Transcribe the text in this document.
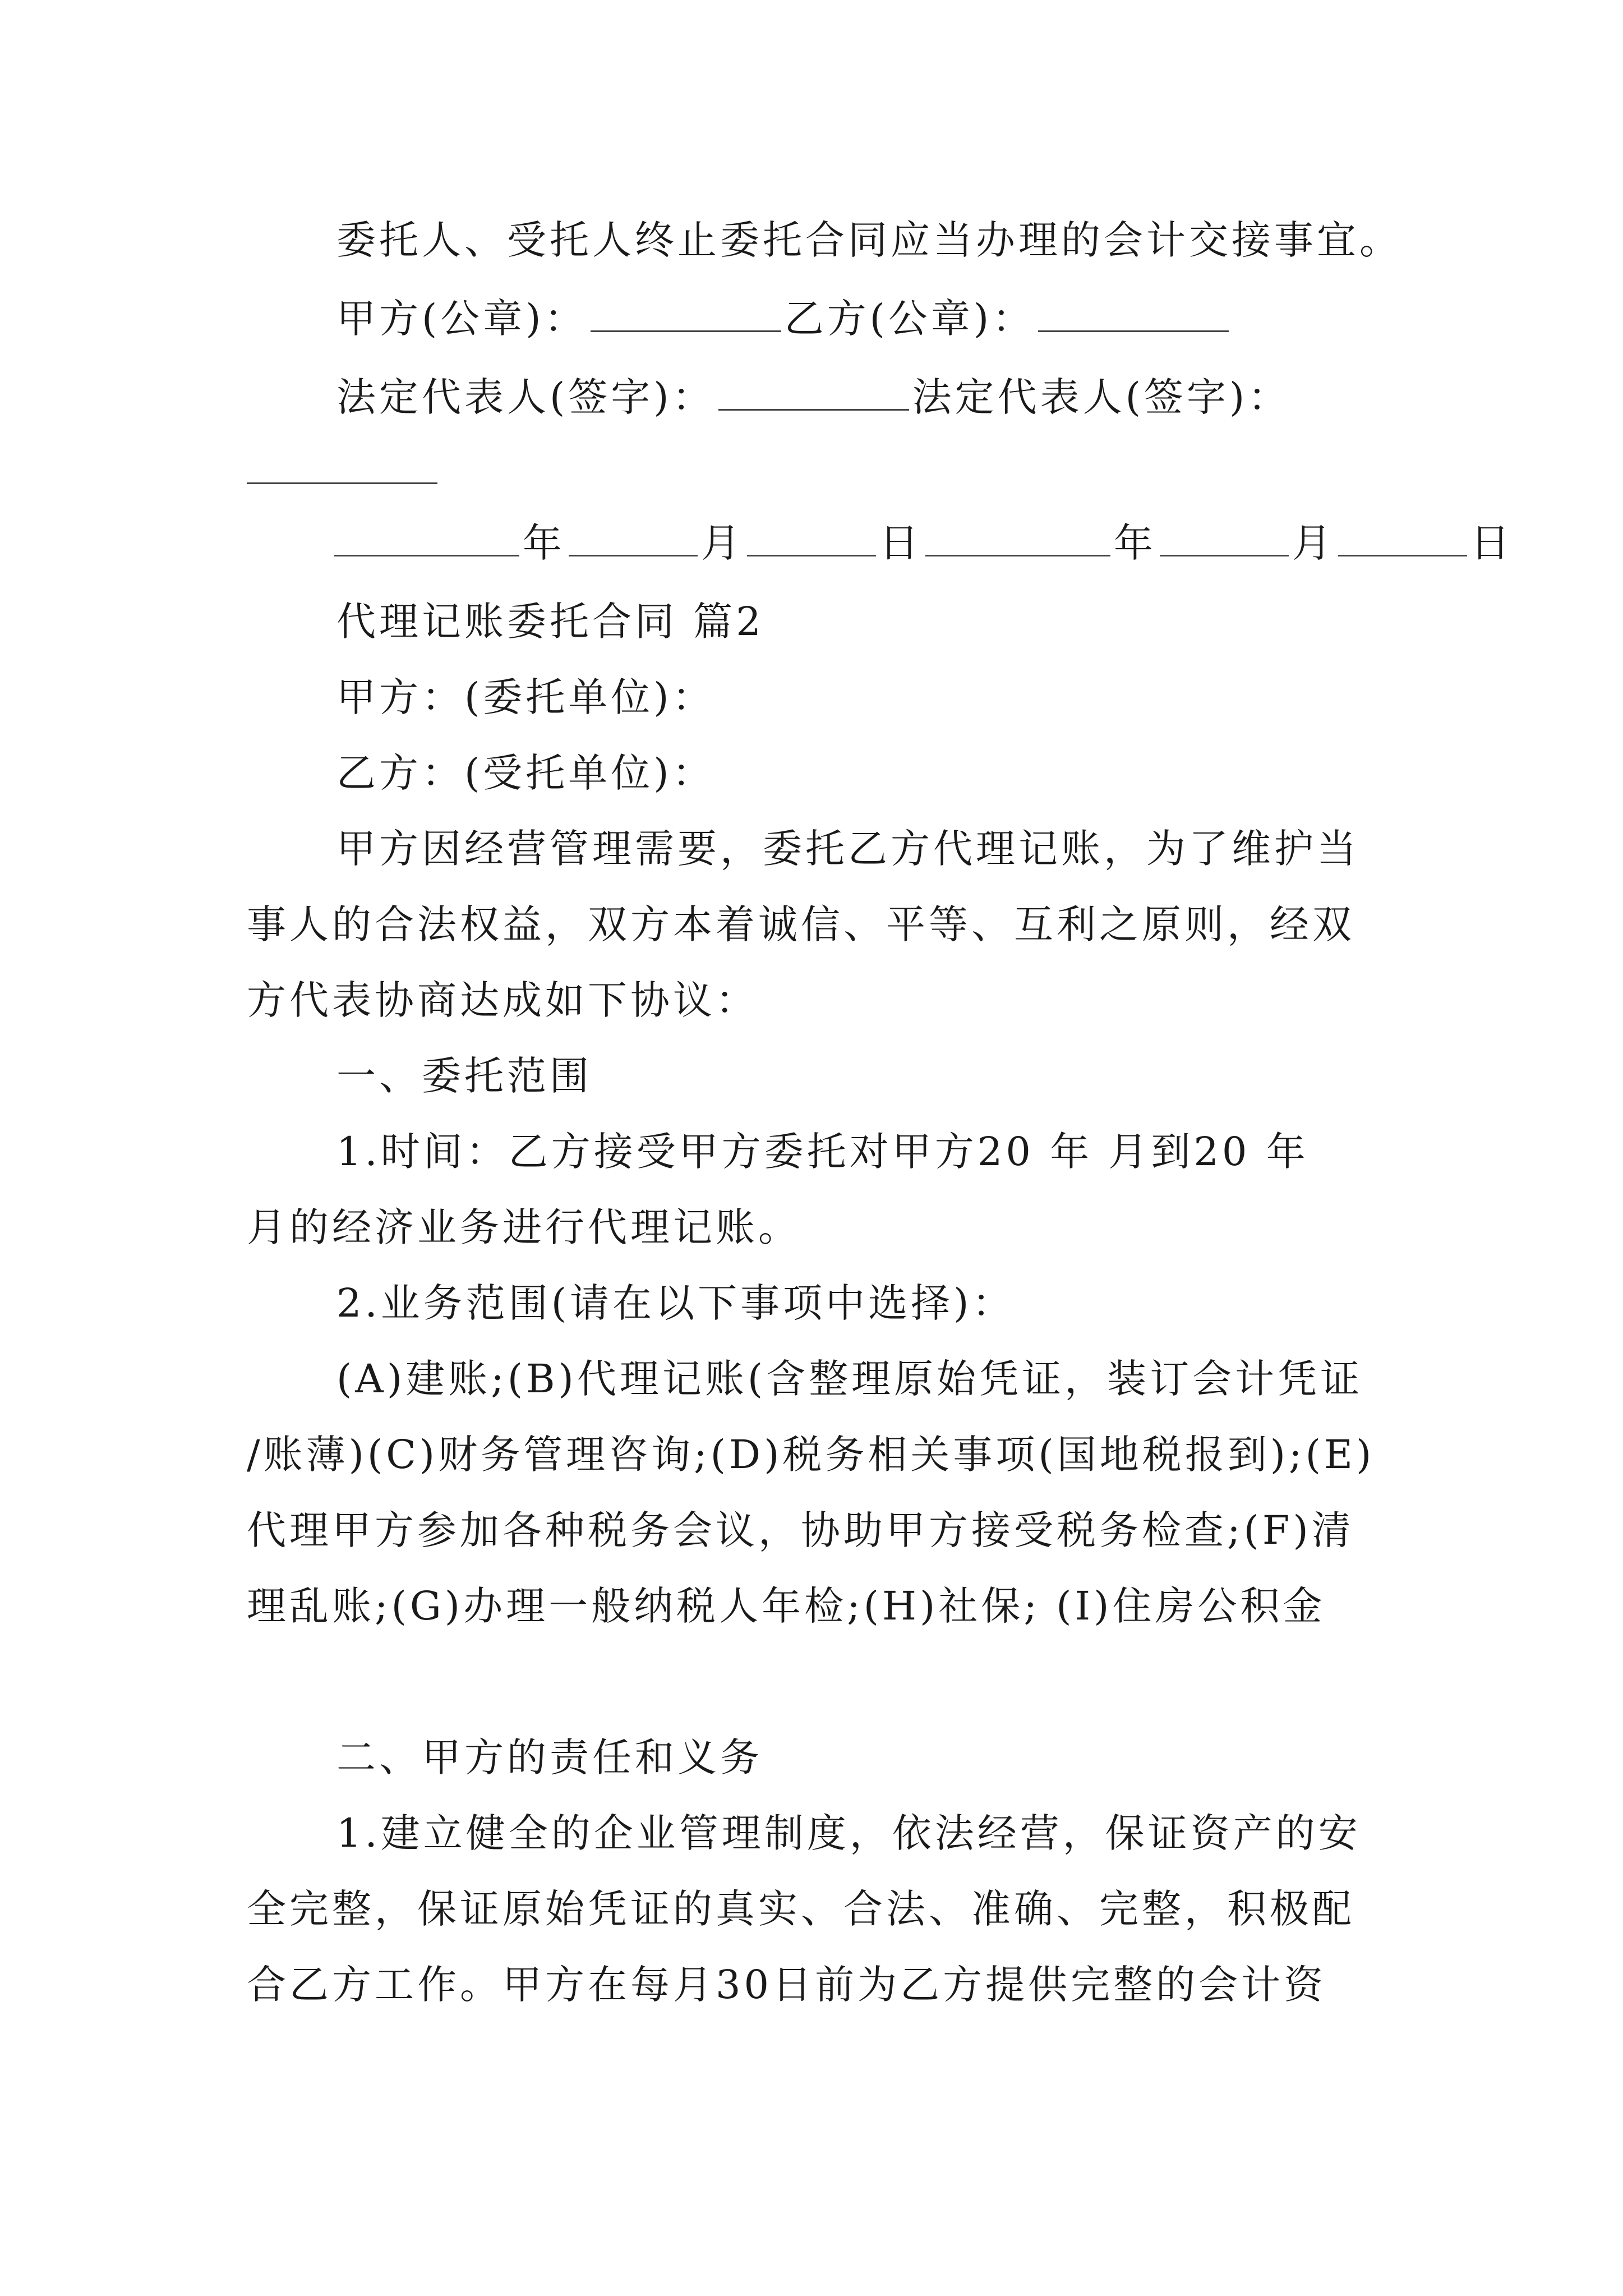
委托人、受托人终止委托合同应当办理的会计交接事宜。
甲方(公章)：	乙方(公章)：
法定代表人(签字)：	法定代表人(签字)：
年	月	日	年	月	日
代理记账委托合同 篇2
甲方：(委托单位)：
乙方：(受托单位)：
甲方因经营管理需要，委托乙方代理记账，为了维护当
事人的合法权益，双方本着诚信、平等、互利之原则，经双
方代表协商达成如下协议：
一、委托范围
1.时间：乙方接受甲方委托对甲方20 年 月到20 年
月的经济业务进行代理记账。
2.业务范围(请在以下事项中选择)：
(A)建账;(B)代理记账(含整理原始凭证，装订会计凭证
/账薄)(C)财务管理咨询;(D)税务相关事项(国地税报到);(E)
代理甲方参加各种税务会议，协助甲方接受税务检查;(F)清
理乱账;(G)办理一般纳税人年检;(H)社保; (I)住房公积金
二、甲方的责任和义务
1.建立健全的企业管理制度，依法经营，保证资产的安
全完整，保证原始凭证的真实、合法、准确、完整，积极配
合乙方工作。甲方在每月30日前为乙方提供完整的会计资
